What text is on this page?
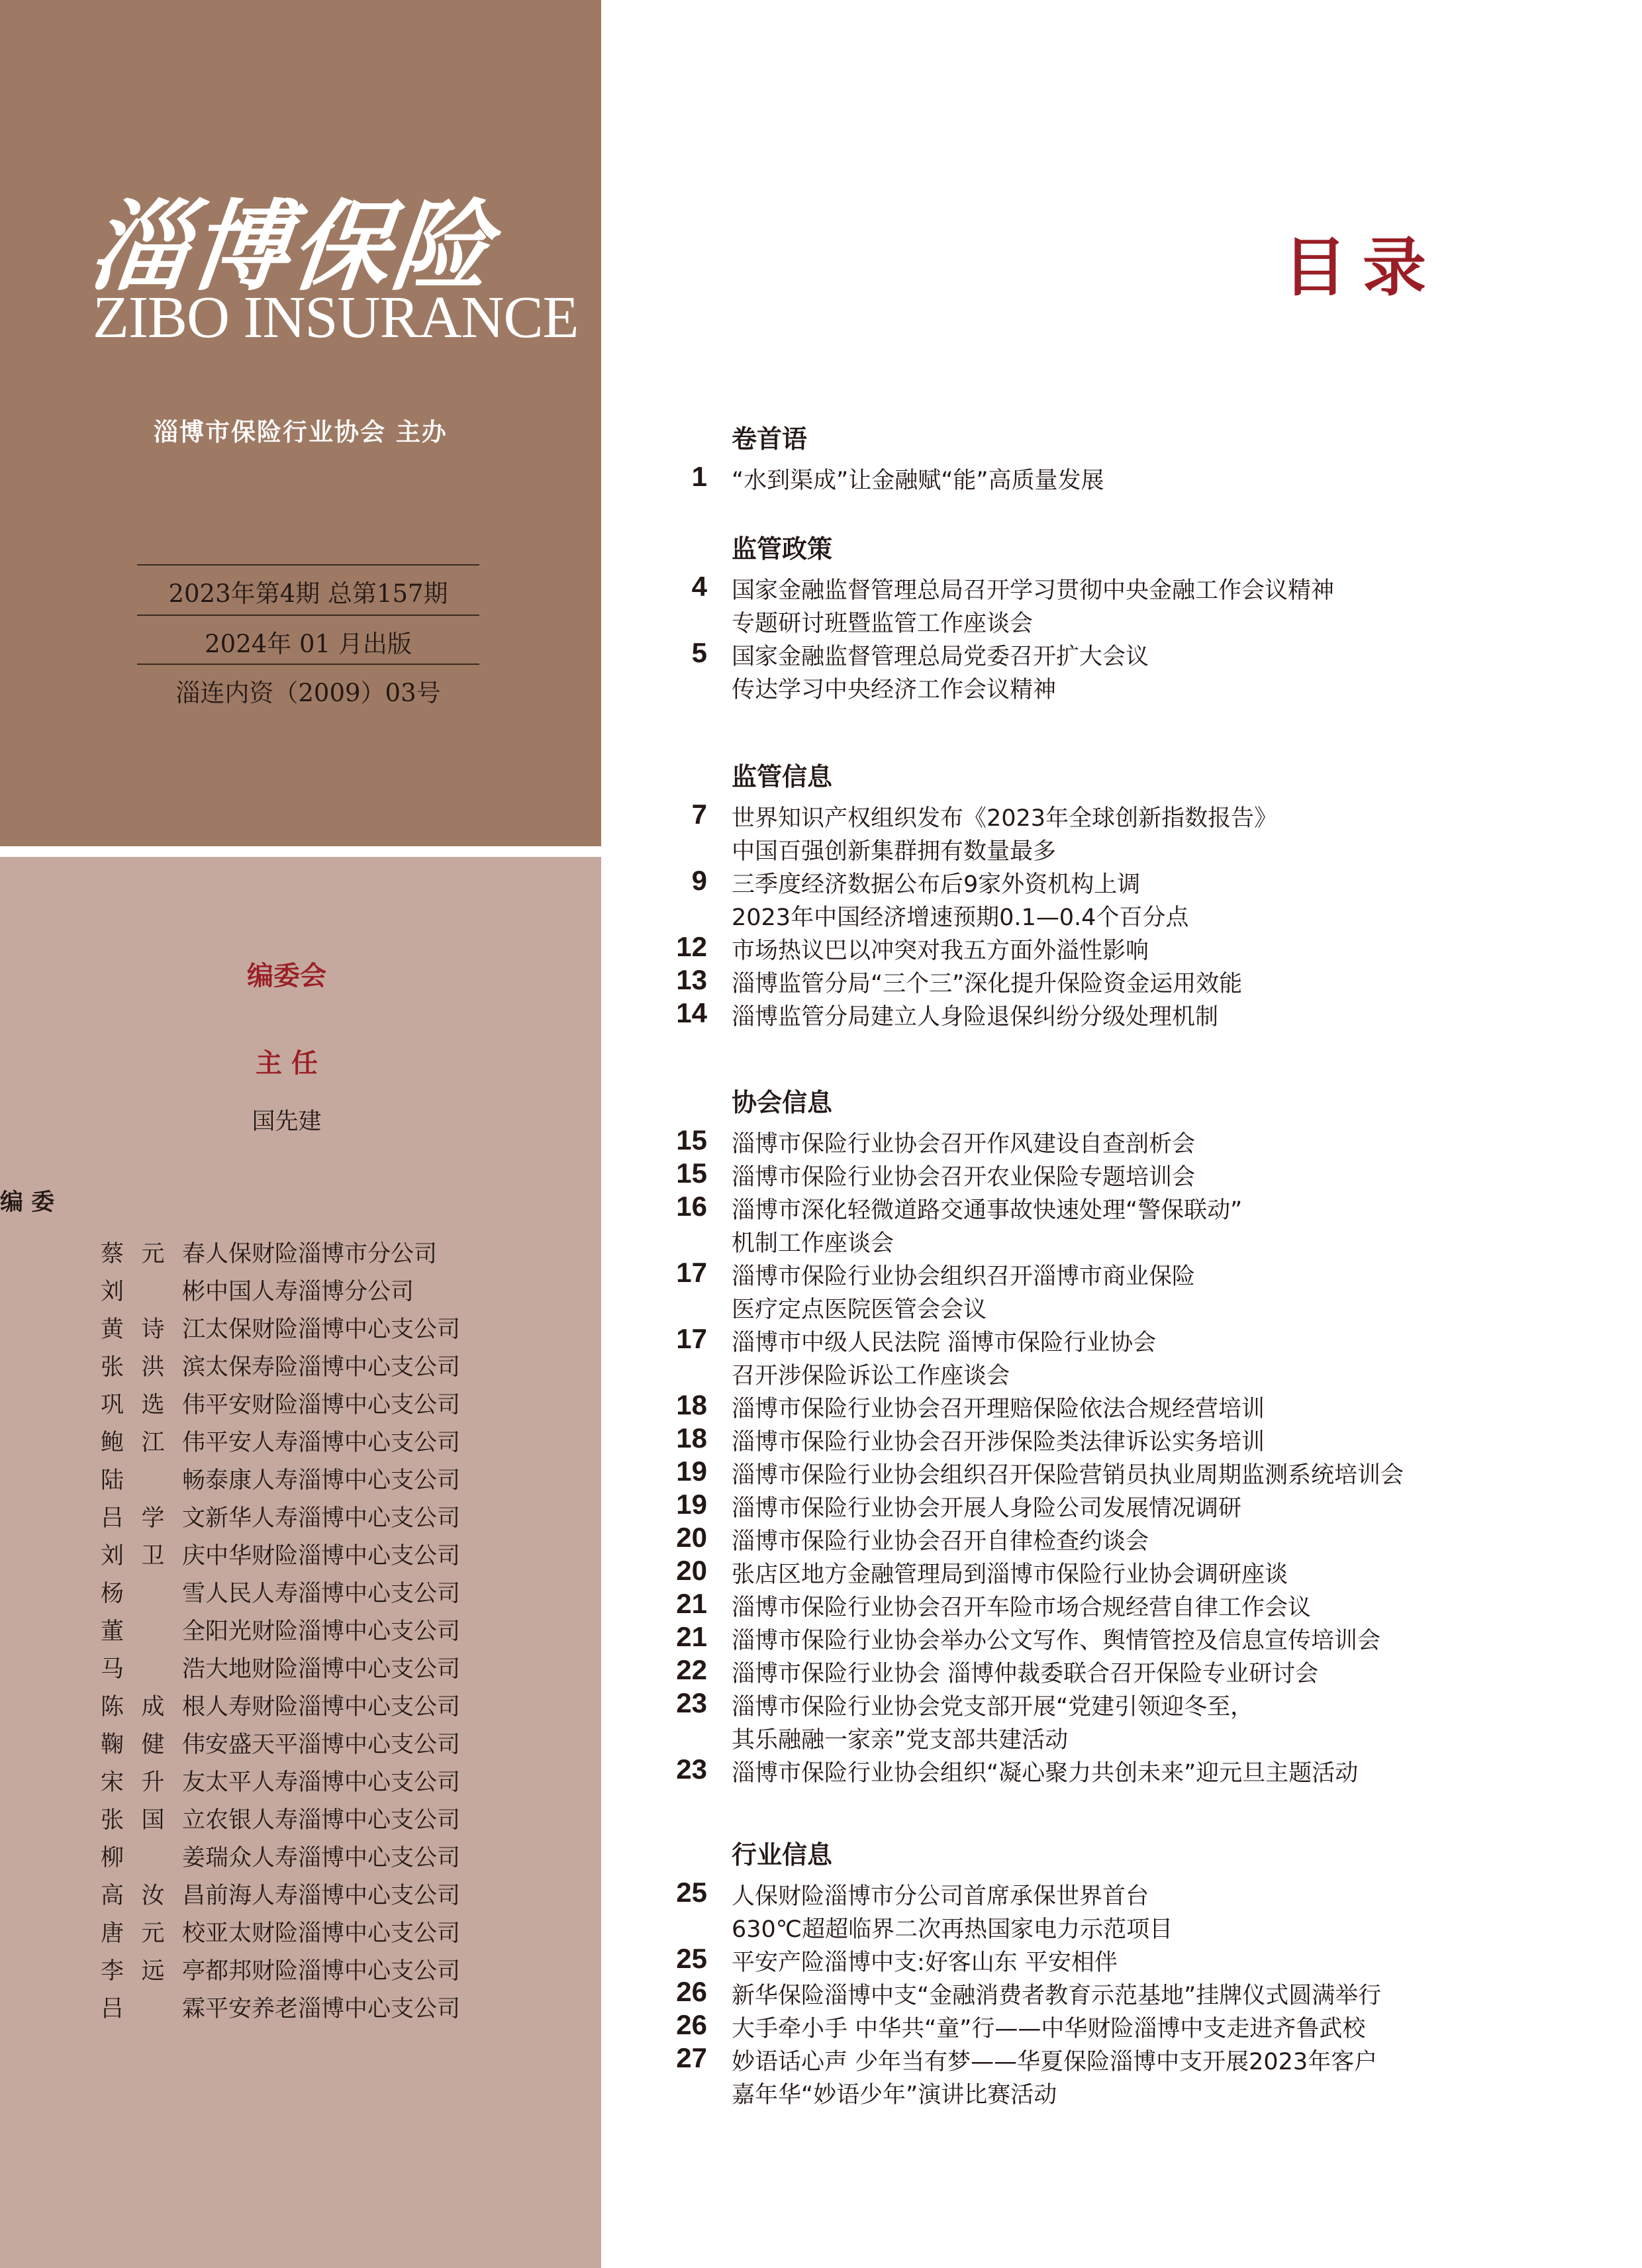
淄博保险
ZIBO INSURANCE
淄博市保险行业协会 主办
2023年第4期 总第157期
2024年 01 月出版
淄连内资（2009）03号
编委会
主 任
国先建
编 委
蔡元春 人保财险淄博市分公司
刘彬 中国人寿淄博分公司
黄诗江 太保财险淄博中心支公司
张洪滨 太保寿险淄博中心支公司
巩选伟 平安财险淄博中心支公司
鲍江伟 平安人寿淄博中心支公司
陆畅 泰康人寿淄博中心支公司
吕学文 新华人寿淄博中心支公司
刘卫庆 中华财险淄博中心支公司
杨雪 人民人寿淄博中心支公司
董全 阳光财险淄博中心支公司
马浩 大地财险淄博中心支公司
陈成根 人寿财险淄博中心支公司
鞠健伟 安盛天平淄博中心支公司
宋升友 太平人寿淄博中心支公司
张国立 农银人寿淄博中心支公司
柳姜 瑞众人寿淄博中心支公司
高汝昌 前海人寿淄博中心支公司
唐元校 亚太财险淄博中心支公司
李远亭 都邦财险淄博中心支公司
吕霖 平安养老淄博中心支公司
目录
卷首语
1 “水到渠成”让金融赋“能”高质量发展
监管政策
4 国家金融监督管理总局召开学习贯彻中央金融工作会议精神
专题研讨班暨监管工作座谈会
5 国家金融监督管理总局党委召开扩大会议
传达学习中央经济工作会议精神
监管信息
7 世界知识产权组织发布《2023年全球创新指数报告》
中国百强创新集群拥有数量最多
9 三季度经济数据公布后9家外资机构上调
2023年中国经济增速预期0.1—0.4个百分点
12 市场热议巴以冲突对我五方面外溢性影响
13 淄博监管分局“三个三”深化提升保险资金运用效能
14 淄博监管分局建立人身险退保纠纷分级处理机制
协会信息
15 淄博市保险行业协会召开作风建设自查剖析会
15 淄博市保险行业协会召开农业保险专题培训会
16 淄博市深化轻微道路交通事故快速处理“警保联动”
机制工作座谈会
17 淄博市保险行业协会组织召开淄博市商业保险
医疗定点医院医管会会议
17 淄博市中级人民法院 淄博市保险行业协会
召开涉保险诉讼工作座谈会
18 淄博市保险行业协会召开理赔保险依法合规经营培训
18 淄博市保险行业协会召开涉保险类法律诉讼实务培训
19 淄博市保险行业协会组织召开保险营销员执业周期监测系统培训会
19 淄博市保险行业协会开展人身险公司发展情况调研
20 淄博市保险行业协会召开自律检查约谈会
20 张店区地方金融管理局到淄博市保险行业协会调研座谈
21 淄博市保险行业协会召开车险市场合规经营自律工作会议
21 淄博市保险行业协会举办公文写作、舆情管控及信息宣传培训会
22 淄博市保险行业协会 淄博仲裁委联合召开保险专业研讨会
23 淄博市保险行业协会党支部开展“党建引领迎冬至，
其乐融融一家亲”党支部共建活动
23 淄博市保险行业协会组织“凝心聚力共创未来”迎元旦主题活动
行业信息
25 人保财险淄博市分公司首席承保世界首台
630℃超超临界二次再热国家电力示范项目
25 平安产险淄博中支:好客山东 平安相伴
26 新华保险淄博中支“金融消费者教育示范基地”挂牌仪式圆满举行
26 大手牵小手 中华共“童”行——中华财险淄博中支走进齐鲁武校
27 妙语话心声 少年当有梦——华夏保险淄博中支开展2023年客户
嘉年华“妙语少年”演讲比赛活动
